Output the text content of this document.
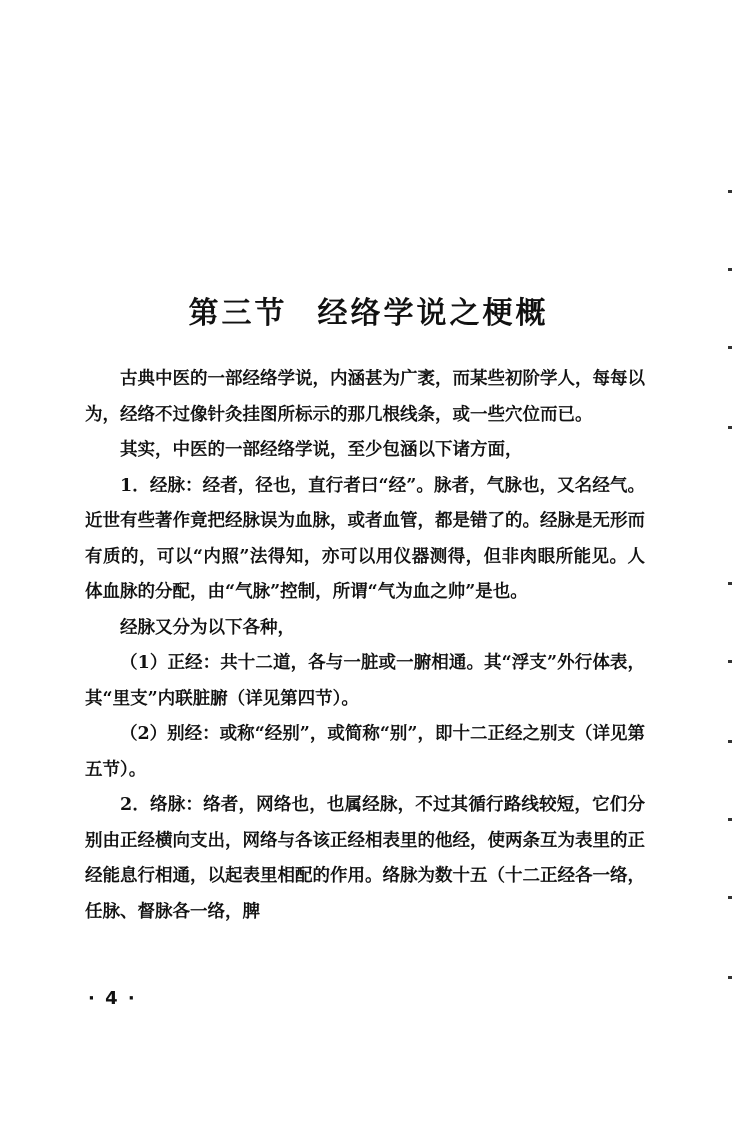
第三节 经络学说之梗概

古典中医的一部经络学说，内涵甚为广袤，而某些初阶学人，每每以为，经络不过像针灸挂图所标示的那几根线条，或一些穴位而已。

其实，中医的一部经络学说，至少包涵以下诸方面，

1．经脉：经者，径也，直行者曰“经”。脉者，气脉也，又名经气。近世有些著作竟把经脉误为血脉，或者血管，都是错了的。经脉是无形而有质的，可以“内照”法得知，亦可以用仪器测得，但非肉眼所能见。人体血脉的分配，由“气脉”控制，所谓“气为血之帅”是也。

经脉又分为以下各种，

（1）正经：共十二道，各与一脏或一腑相通。其“浮支”外行体表，其“里支”内联脏腑（详见第四节）。

（2）别经：或称“经别”，或简称“别”，即十二正经之别支（详见第五节）。

2．络脉：络者，网络也，也属经脉，不过其循行路线较短，它们分别由正经横向支出，网络与各该正经相表里的他经，使两条互为表里的正经能息行相通，以起表里相配的作用。络脉为数十五（十二正经各一络，任脉、督脉各一络，脾

· 4 ·
